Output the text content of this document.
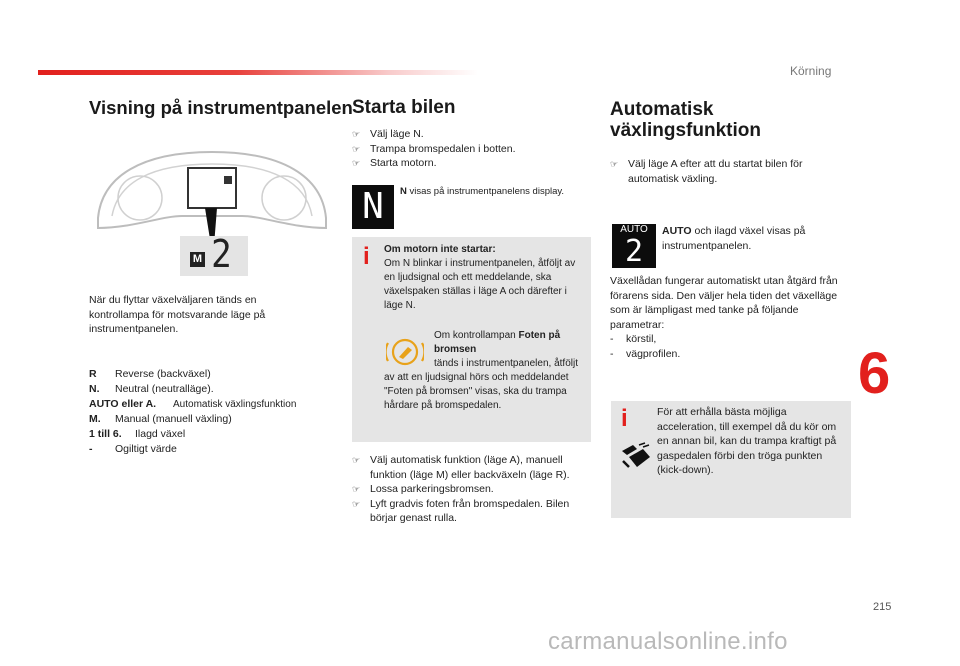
Körning
6
215
carmanualsonline.info
Visning på instrumentpanelen
M 2
När du flyttar växelväljaren tänds en kontrollampa för motsvarande läge på instrumentpanelen.
R	Reverse (backväxel)
N.	Neutral (neutralläge).
AUTO eller A.	Automatisk växlingsfunktion
M.	Manual (manuell växling)
1 till 6.	Ilagd växel
-	Ogiltigt värde
Starta bilen
☞ Välj läge N.
☞ Trampa bromspedalen i botten.
☞ Starta motorn.
N	N visas på instrumentpanelens display.
i Om motorn inte startar:
Om N blinkar i instrumentpanelen, åtföljt av en ljudsignal och ett meddelande, ska växelspaken ställas i läge A och därefter i läge N.
Om kontrollampan Foten på bromsen
tänds i instrumentpanelen, åtföljt av att en ljudsignal hörs och meddelandet "Foten på bromsen" visas, ska du trampa hårdare på bromspedalen.
☞ Välj automatisk funktion (läge A), manuell funktion (läge M) eller backväxeln (läge R).
☞ Lossa parkeringsbromsen.
☞ Lyft gradvis foten från bromspedalen. Bilen börjar genast rulla.
Automatisk
växlingsfunktion
☞ Välj läge A efter att du startat bilen för automatisk växling.
AUTO
2
AUTO och ilagd växel visas på instrumentpanelen.
Växellådan fungerar automatiskt utan åtgärd från förarens sida. Den väljer hela tiden det växelläge som är lämpligast med tanke på följande parametrar:
- körstil,
- vägprofilen.
i	För att erhålla bästa möjliga acceleration, till exempel då du kör om en annan bil, kan du trampa kraftigt på gaspedalen förbi den tröga punkten (kick-down).
